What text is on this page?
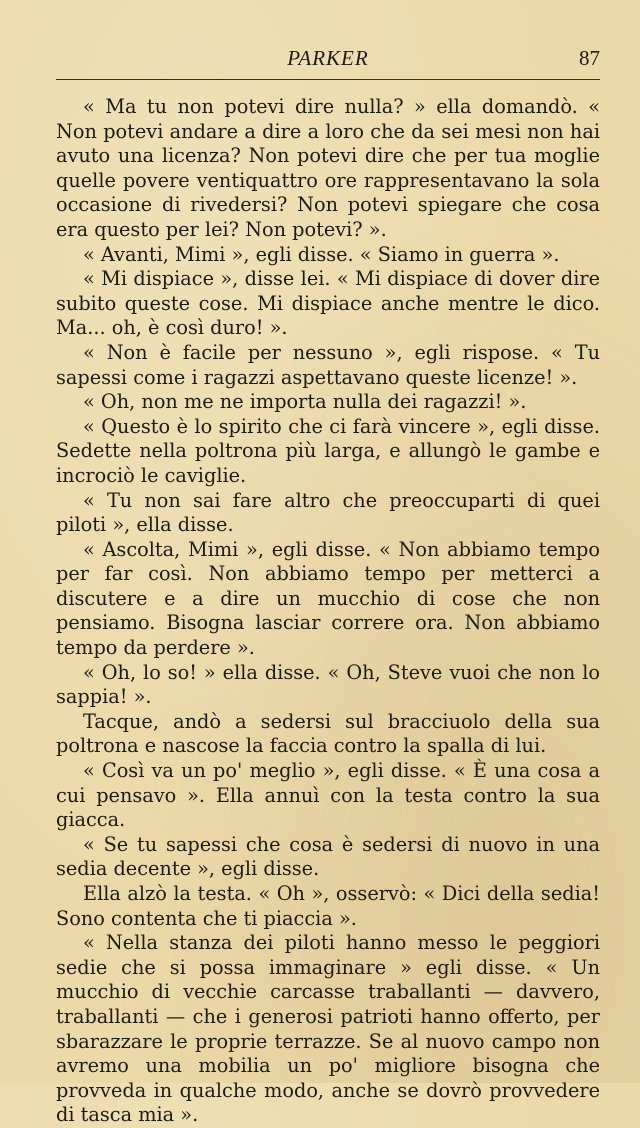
PARKER	87

« Ma tu non potevi dire nulla? » ella domandò. « Non potevi andare a dire a loro che da sei mesi non hai avuto una licenza? Non potevi dire che per tua moglie quelle povere ventiquattro ore rappresentavano la sola occasione di rivedersi? Non potevi spiegare che cosa era questo per lei? Non potevi? ».

« Avanti, Mimi », egli disse. « Siamo in guerra ».

« Mi dispiace », disse lei. « Mi dispiace di dover dire subito queste cose. Mi dispiace anche mentre le dico. Ma... oh, è così duro! ».

« Non è facile per nessuno », egli rispose. « Tu sapessi come i ragazzi aspettavano queste licenze! ».

« Oh, non me ne importa nulla dei ragazzi! ».

« Questo è lo spirito che ci farà vincere », egli disse. Sedette nella poltrona più larga, e allungò le gambe e incrociò le caviglie.

« Tu non sai fare altro che preoccuparti di quei piloti », ella disse.

« Ascolta, Mimi », egli disse. « Non abbiamo tempo per far così. Non abbiamo tempo per metterci a discutere e a dire un mucchio di cose che non pensiamo. Bisogna lasciar correre ora. Non abbiamo tempo da perdere ».

« Oh, lo so! » ella disse. « Oh, Steve vuoi che non lo sappia! ».

Tacque, andò a sedersi sul bracciuolo della sua poltrona e nascose la faccia contro la spalla di lui.

« Così va un po' meglio », egli disse. « È una cosa a cui pensavo ». Ella annuì con la testa contro la sua giacca.

« Se tu sapessi che cosa è sedersi di nuovo in una sedia decente », egli disse.

Ella alzò la testa. « Oh », osservò: « Dici della sedia! Sono contenta che ti piaccia ».

« Nella stanza dei piloti hanno messo le peggiori sedie che si possa immaginare » egli disse. « Un mucchio di vecchie carcasse traballanti — davvero, traballanti — che i generosi patrioti hanno offerto, per sbarazzare le proprie terrazze. Se al nuovo campo non avremo una mobilia un po' migliore bisogna che provveda in qualche modo, anche se dovrò provvedere di tasca mia ».
